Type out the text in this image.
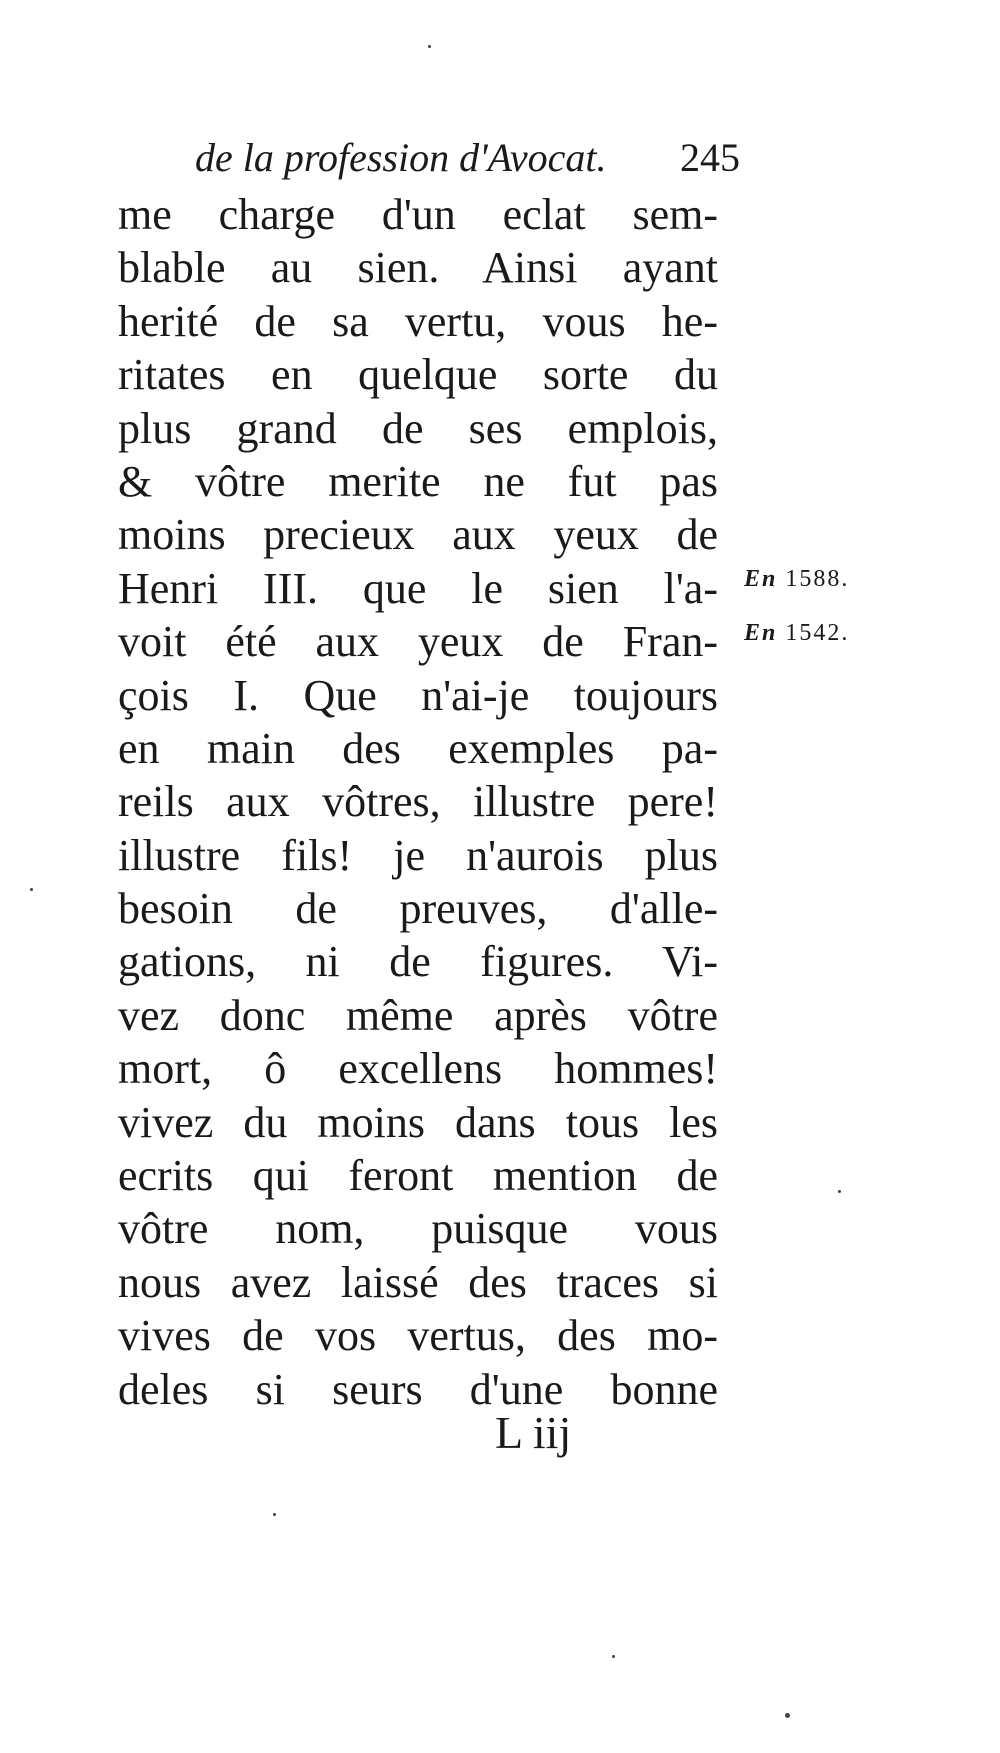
de la profession d'Avocat. 245
me charge d'un eclat sem-
blable au sien. Ainsi ayant
herité de sa vertu, vous he-
ritates en quelque sorte du
plus grand de ses emplois,
& vôtre merite ne fut pas
moins precieux aux yeux de
Henri III. que le sien l'a-
voit été aux yeux de Fran-
çois I. Que n'ai-je toujours
en main des exemples pa-
reils aux vôtres, illustre pere!
illustre fils! je n'aurois plus
besoin de preuves, d'alle-
gations, ni de figures. Vi-
vez donc même après vôtre
mort, ô excellens hommes!
vivez du moins dans tous les
ecrits qui feront mention de
vôtre nom, puisque vous
nous avez laissé des traces si
vives de vos vertus, des mo-
deles si seurs d'une bonne
En 1588.
En 1542.
L iij
